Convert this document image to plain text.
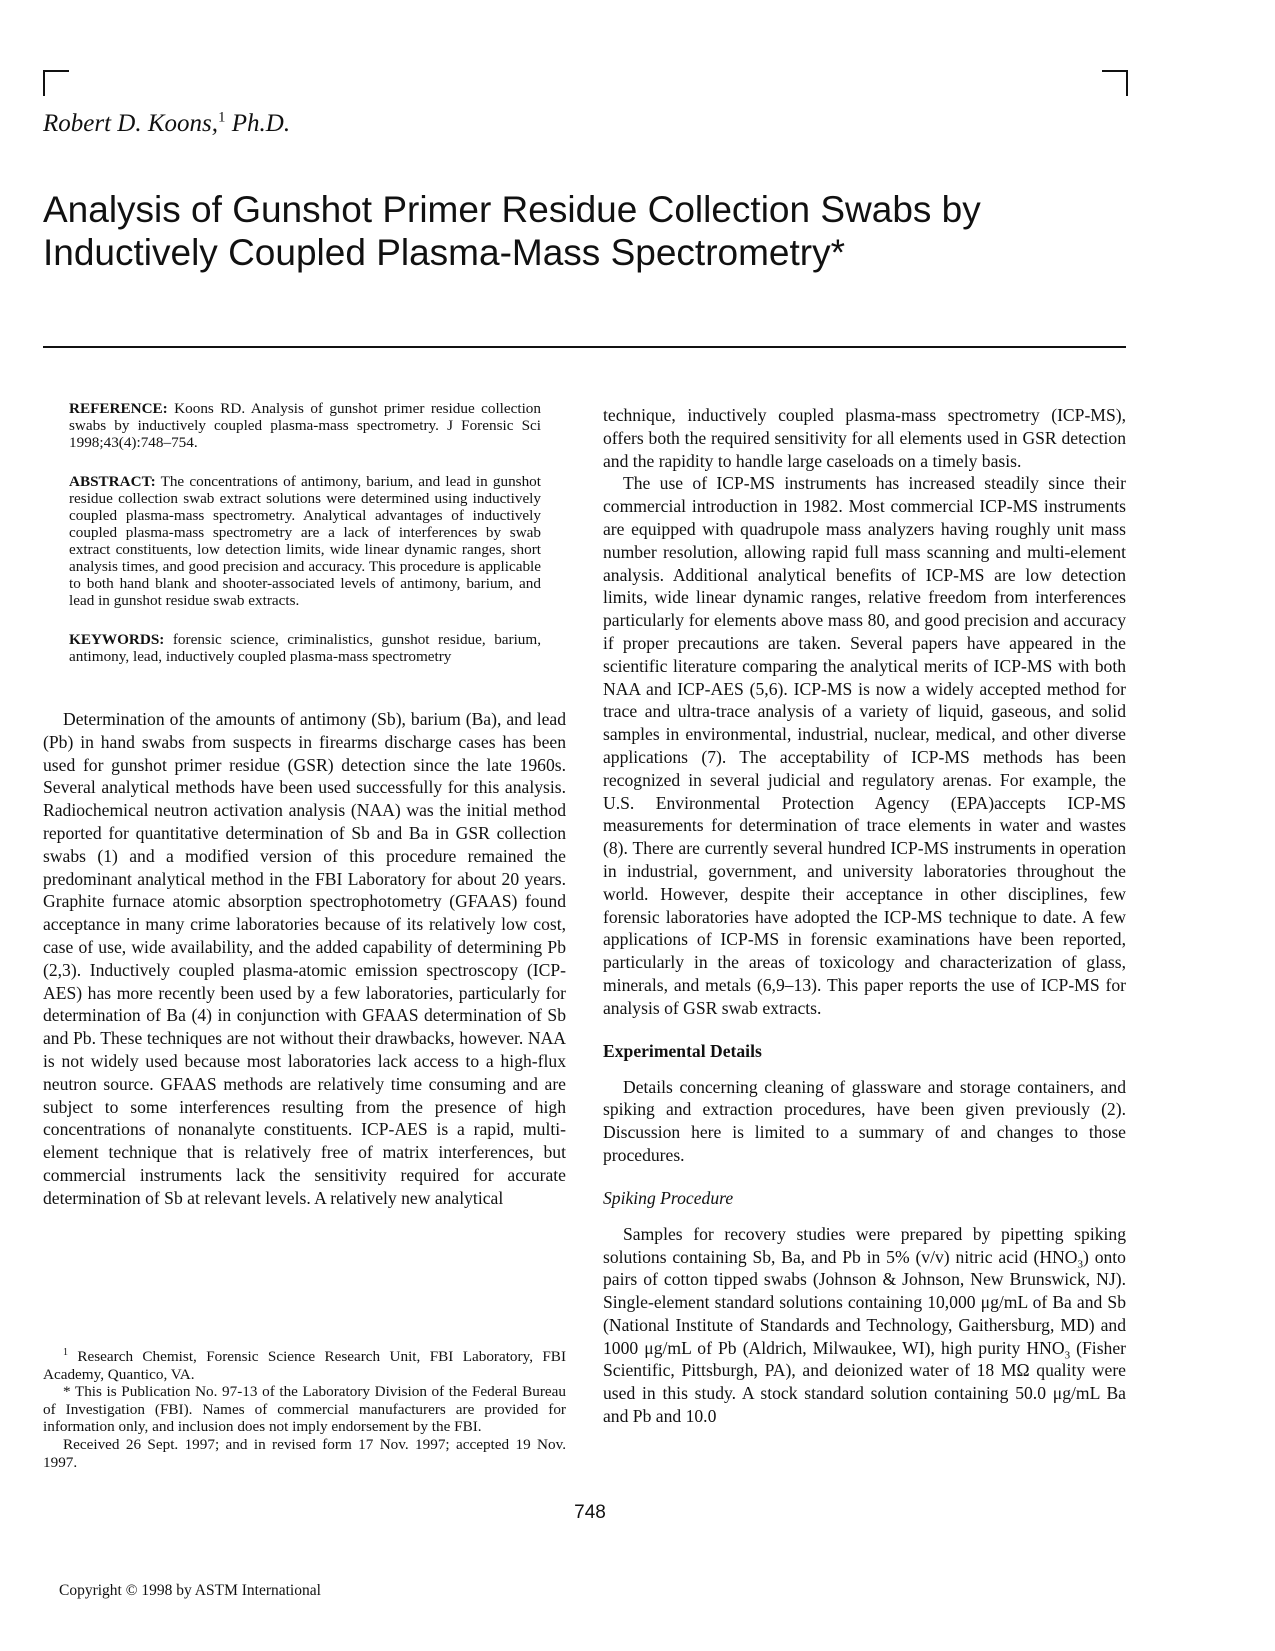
Robert D. Koons,$^1$ Ph.D.
Analysis of Gunshot Primer Residue Collection Swabs by
Inductively Coupled Plasma-Mass Spectrometry*

REFERENCE: Koons RD. Analysis of gunshot primer residue collection swabs by inductively coupled plasma-mass spectrometry. J Forensic Sci 1998;43(4):748–754.

ABSTRACT: The concentrations of antimony, barium, and lead in gunshot residue collection swab extract solutions were determined using inductively coupled plasma-mass spectrometry. Analytical advantages of inductively coupled plasma-mass spectrometry are a lack of interferences by swab extract constituents, low detection limits, wide linear dynamic ranges, short analysis times, and good precision and accuracy. This procedure is applicable to both hand blank and shooter-associated levels of antimony, barium, and lead in gunshot residue swab extracts.

KEYWORDS: forensic science, criminalistics, gunshot residue, barium, antimony, lead, inductively coupled plasma-mass spectrometry

Determination of the amounts of antimony (Sb), barium (Ba), and lead (Pb) in hand swabs from suspects in firearms discharge cases has been used for gunshot primer residue (GSR) detection since the late 1960s. Several analytical methods have been used successfully for this analysis. Radiochemical neutron activation analysis (NAA) was the initial method reported for quantitative determination of Sb and Ba in GSR collection swabs (1) and a modified version of this procedure remained the predominant analytical method in the FBI Laboratory for about 20 years. Graphite furnace atomic absorption spectrophotometry (GFAAS) found acceptance in many crime laboratories because of its relatively low cost, case of use, wide availability, and the added capability of determining Pb (2,3). Inductively coupled plasma-atomic emission spectroscopy (ICP-AES) has more recently been used by a few laboratories, particularly for determination of Ba (4) in conjunction with GFAAS determination of Sb and Pb. These techniques are not without their drawbacks, however. NAA is not widely used because most laboratories lack access to a high-flux neutron source. GFAAS methods are relatively time consuming and are subject to some interferences resulting from the presence of high concentrations of nonanalyte constituents. ICP-AES is a rapid, multi-element technique that is relatively free of matrix interferences, but commercial instruments lack the sensitivity required for accurate determination of Sb at relevant levels. A relatively new analytical

technique, inductively coupled plasma-mass spectrometry (ICP-MS), offers both the required sensitivity for all elements used in GSR detection and the rapidity to handle large caseloads on a timely basis.

The use of ICP-MS instruments has increased steadily since their commercial introduction in 1982. Most commercial ICP-MS instruments are equipped with quadrupole mass analyzers having roughly unit mass number resolution, allowing rapid full mass scanning and multi-element analysis. Additional analytical benefits of ICP-MS are low detection limits, wide linear dynamic ranges, relative freedom from interferences particularly for elements above mass 80, and good precision and accuracy if proper precautions are taken. Several papers have appeared in the scientific literature comparing the analytical merits of ICP-MS with both NAA and ICP-AES (5,6). ICP-MS is now a widely accepted method for trace and ultra-trace analysis of a variety of liquid, gaseous, and solid samples in environmental, industrial, nuclear, medical, and other diverse applications (7). The acceptability of ICP-MS methods has been recognized in several judicial and regulatory arenas. For example, the U.S. Environmental Protection Agency (EPA)accepts ICP-MS measurements for determination of trace elements in water and wastes (8). There are currently several hundred ICP-MS instruments in operation in industrial, government, and university laboratories throughout the world. However, despite their acceptance in other disciplines, few forensic laboratories have adopted the ICP-MS technique to date. A few applications of ICP-MS in forensic examinations have been reported, particularly in the areas of toxicology and characterization of glass, minerals, and metals (6,9–13). This paper reports the use of ICP-MS for analysis of GSR swab extracts.

Experimental Details

Details concerning cleaning of glassware and storage containers, and spiking and extraction procedures, have been given previously (2). Discussion here is limited to a summary of and changes to those procedures.

Spiking Procedure

Samples for recovery studies were prepared by pipetting spiking solutions containing Sb, Ba, and Pb in 5% (v/v) nitric acid $(HNO_3)$ onto pairs of cotton tipped swabs (Johnson & Johnson, New Brunswick, NJ). Single-element standard solutions containing 10,000 μg/mL of Ba and Sb (National Institute of Standards and Technology, Gaithersburg, MD) and 1000 μg/mL of Pb (Aldrich, Milwaukee, WI), high purity $HNO_3$ (Fisher Scientific, Pittsburgh, PA), and deionized water of 18 MΩ quality were used in this study. A stock standard solution containing 50.0 μg/mL Ba and Pb and 10.0

$^1$ Research Chemist, Forensic Science Research Unit, FBI Laboratory, FBI Academy, Quantico, VA.

* This is Publication No. 97-13 of the Laboratory Division of the Federal Bureau of Investigation (FBI). Names of commercial manufacturers are provided for information only, and inclusion does not imply endorsement by the FBI.

Received 26 Sept. 1997; and in revised form 17 Nov. 1997; accepted 19 Nov. 1997.

748
Copyright © 1998 by ASTM International
